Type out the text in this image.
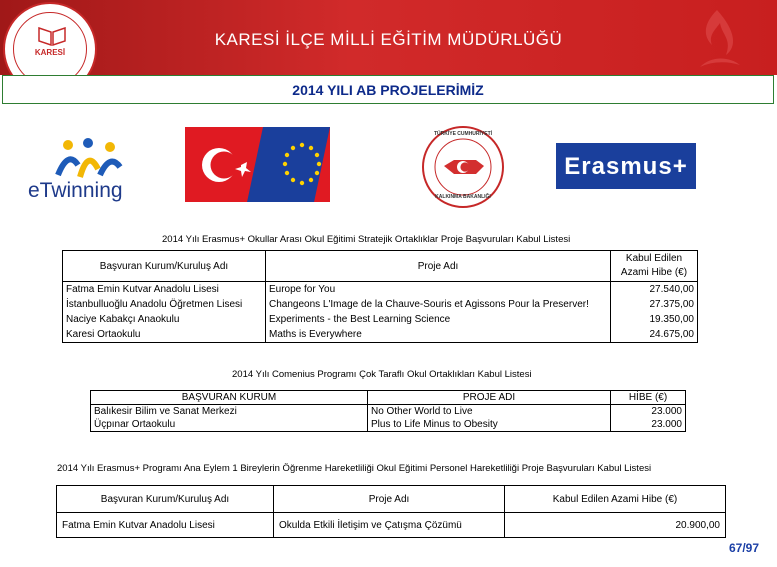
KARESİ İLÇE MİLLİ EĞİTİM MÜDÜRLÜĞÜ
KARESİ
2014 YILI AB PROJELERİMİZ
eTwinning
TÜRKİYE CUMHURİYETİ
KALKINMA BAKANLIĞI
Erasmus+
2014 Yılı Erasmus+ Okullar Arası Okul Eğitimi Stratejik Ortaklıklar Proje Başvuruları Kabul Listesi
Başvuran Kurum/Kuruluş Adı	Proje Adı	Kabul Edilen Azami Hibe (€)
Fatma Emin Kutvar Anadolu Lisesi	Europe for You	27.540,00
İstanbulluoğlu Anadolu Öğretmen Lisesi	Changeons L'Image de la Chauve-Souris et Agissons Pour la Preserver!	27.375,00
Naciye Kabakçı Anaokulu	Experiments - the Best Learning Science	19.350,00
Karesi Ortaokulu	Maths is Everywhere	24.675,00
2014 Yılı Comenius Programı Çok Taraflı Okul Ortaklıkları Kabul Listesi
BAŞVURAN KURUM	PROJE ADI	HİBE (€)
Balıkesir Bilim ve Sanat Merkezi	No Other World to Live	23.000
Üçpınar Ortaokulu	Plus to Life Minus to Obesity	23.000
2014 Yılı Erasmus+ Programı Ana Eylem 1 Bireylerin Öğrenme Hareketliliği Okul Eğitimi Personel Hareketliliği Proje Başvuruları Kabul Listesi
Başvuran Kurum/Kuruluş Adı	Proje Adı	Kabul Edilen Azami Hibe (€)
Fatma Emin Kutvar Anadolu Lisesi	Okulda Etkili İletişim ve Çatışma Çözümü	20.900,00
67/97
